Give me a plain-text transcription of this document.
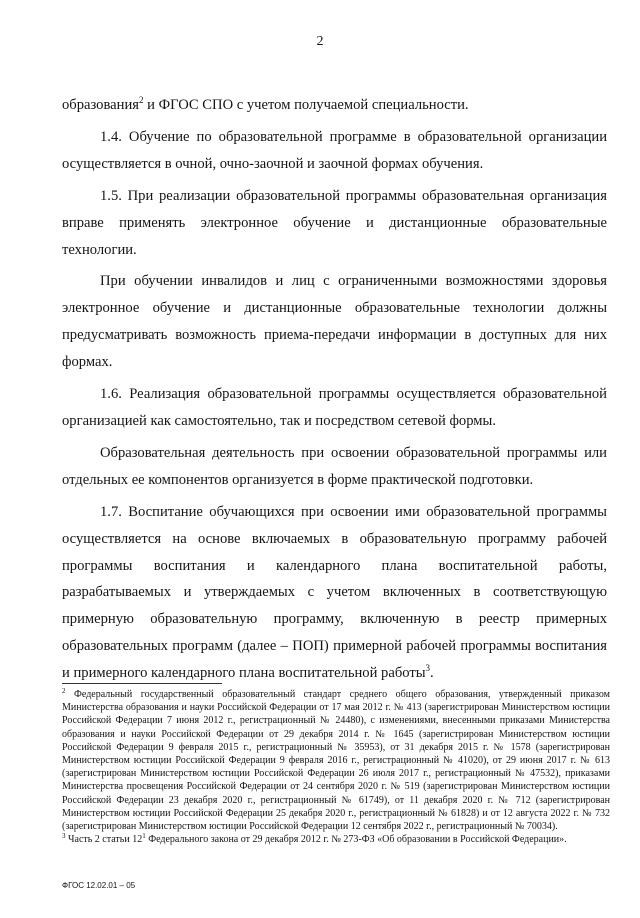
2

образования$^2$ и ФГОС СПО с учетом получаемой специальности.

1.4. Обучение по образовательной программе в образовательной организации осуществляется в очной, очно-заочной и заочной формах обучения.

1.5. При реализации образовательной программы образовательная организация вправе применять электронное обучение и дистанционные образовательные технологии.

При обучении инвалидов и лиц с ограниченными возможностями здоровья электронное обучение и дистанционные образовательные технологии должны предусматривать возможность приема-передачи информации в доступных для них формах.

1.6. Реализация образовательной программы осуществляется образовательной организацией как самостоятельно, так и посредством сетевой формы.

Образовательная деятельность при освоении образовательной программы или отдельных ее компонентов организуется в форме практической подготовки.

1.7. Воспитание обучающихся при освоении ими образовательной программы осуществляется на основе включаемых в образовательную программу рабочей программы воспитания и календарного плана воспитательной работы, разрабатываемых и утверждаемых с учетом включенных в соответствующую примерную образовательную программу, включенную в реестр примерных образовательных программ (далее – ПОП) примерной рабочей программы воспитания и примерного календарного плана воспитательной работы$^3$.

$^2$ Федеральный государственный образовательный стандарт среднего общего образования, утвержденный приказом Министерства образования и науки Российской Федерации от 17 мая 2012 г. № 413 (зарегистрирован Министерством юстиции Российской Федерации 7 июня 2012 г., регистрационный № 24480), с изменениями, внесенными приказами Министерства образования и науки Российской Федерации от 29 декабря 2014 г. № 1645 (зарегистрирован Министерством юстиции Российской Федерации 9 февраля 2015 г., регистрационный № 35953), от 31 декабря 2015 г. № 1578 (зарегистрирован Министерством юстиции Российской Федерации 9 февраля 2016 г., регистрационный № 41020), от 29 июня 2017 г. № 613 (зарегистрирован Министерством юстиции Российской Федерации 26 июля 2017 г., регистрационный № 47532), приказами Министерства просвещения Российской Федерации от 24 сентября 2020 г. № 519 (зарегистрирован Министерством юстиции Российской Федерации 23 декабря 2020 г., регистрационный № 61749), от 11 декабря 2020 г. № 712 (зарегистрирован Министерством юстиции Российской Федерации 25 декабря 2020 г., регистрационный № 61828) и от 12 августа 2022 г. № 732 (зарегистрирован Министерством юстиции Российской Федерации 12 сентября 2022 г., регистрационный № 70034).

$^3$ Часть 2 статьи $12^1$ Федерального закона от 29 декабря 2012 г. № 273-ФЗ «Об образовании в Российской Федерации».

ФГОС 12.02.01 – 05
